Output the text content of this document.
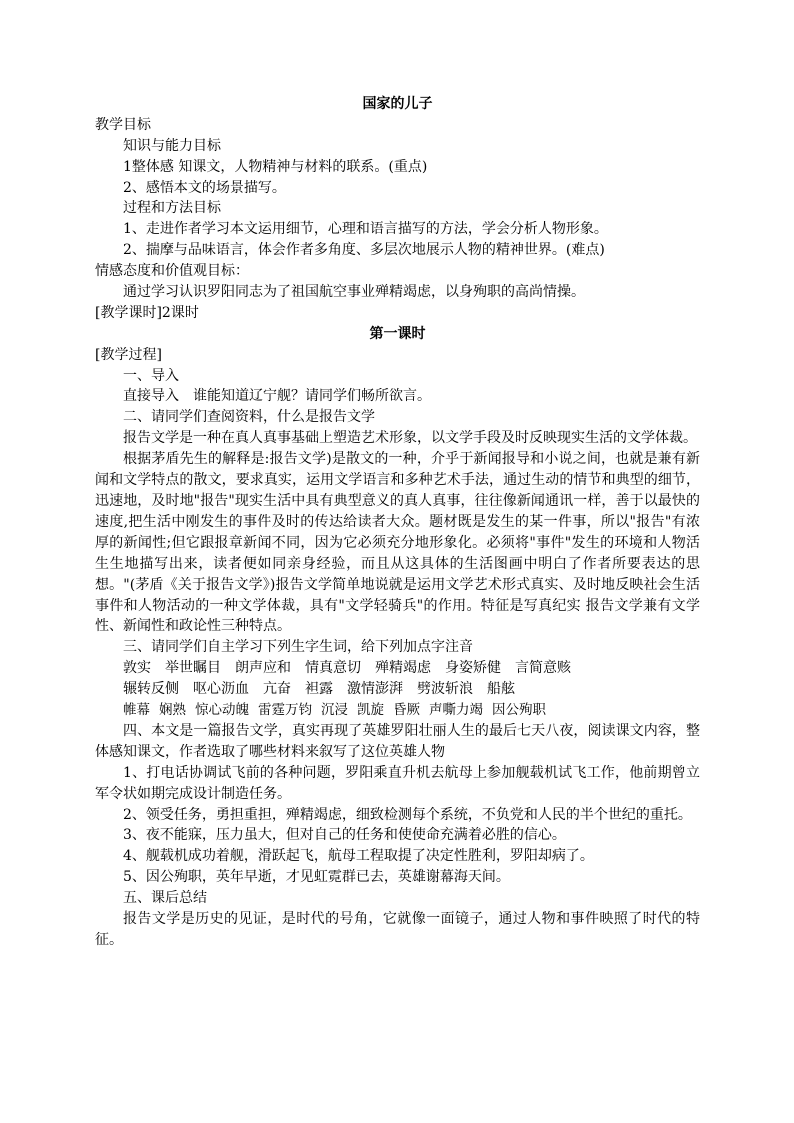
国家的儿子

教学目标

知识与能力目标

1整体感 知课文，人物精神与材料的联系。(重点)

2、感悟本文的场景描写。

过程和方法目标

1、走进作者学习本文运用细节，心理和语言描写的方法，学会分析人物形象。

2、揣摩与品味语言，体会作者多角度、多层次地展示人物的精神世界。(难点)

情感态度和价值观目标：

通过学习认识罗阳同志为了祖国航空事业殚精竭虑，以身殉职的高尚情操。

[教学课时]2课时

第一课时

[教学过程]

一、导入

直接导入　谁能知道辽宁舰？请同学们畅所欲言。

二、请同学们查阅资料，什么是报告文学

报告文学是一种在真人真事基础上塑造艺术形象，以文学手段及时反映现实生活的文学体裁。

根据茅盾先生的解释是:报告文学)是散文的一种，介乎于新闻报导和小说之间，也就是兼有新闻和文学特点的散文，要求真实，运用文学语言和多种艺术手法，通过生动的情节和典型的细节，迅速地，及时地"报告"现实生活中具有典型意义的真人真事，往往像新闻通讯一样，善于以最快的速度,把生活中刚发生的事件及时的传达给读者大众。题材既是发生的某一件事，所以"报告"有浓厚的新闻性;但它跟报章新闻不同，因为它必须充分地形象化。必须将"事件"发生的环境和人物活生生地描写出来，读者便如同亲身经验，而且从这具体的生活图画中明白了作者所要表达的思想。"(茅盾《关于报告文学》)报告文学简单地说就是运用文学艺术形式真实、及时地反映社会生活事件和人物活动的一种文学体裁，具有"文学轻骑兵"的作用。特征是写真纪实 报告文学兼有文学性、新闻性和政论性三种特点。

三、请同学们自主学习下列生字生词，给下列加点字注音

敦实 举世瞩目 朗声应和 情真意切 殚精竭虑 身姿矫健 言简意赅

辗转反侧 呕心沥血 亢奋 袒露 激情澎湃 劈波斩浪 船舷

帷幕 娴熟 惊心动魄 雷霆万钧 沉浸 凯旋 昏厥 声嘶力竭 因公殉职

四、本文是一篇报告文学，真实再现了英雄罗阳壮丽人生的最后七天八夜，阅读课文内容，整体感知课文，作者选取了哪些材料来叙写了这位英雄人物

1、打电话协调试飞前的各种问题，罗阳乘直升机去航母上参加舰载机试飞工作，他前期曾立军令状如期完成设计制造任务。

2、领受任务，勇担重担，殚精竭虑，细致检测每个系统，不负党和人民的半个世纪的重托。

3、夜不能寐，压力虽大，但对自己的任务和使使命充满着必胜的信心。

4、舰载机成功着舰，滑跃起飞，航母工程取提了决定性胜利，罗阳却病了。

5、因公殉职，英年早逝，才见虹霓群已去，英雄谢幕海天间。

五、课后总结

报告文学是历史的见证，是时代的号角，它就像一面镜子，通过人物和事件映照了时代的特征。
